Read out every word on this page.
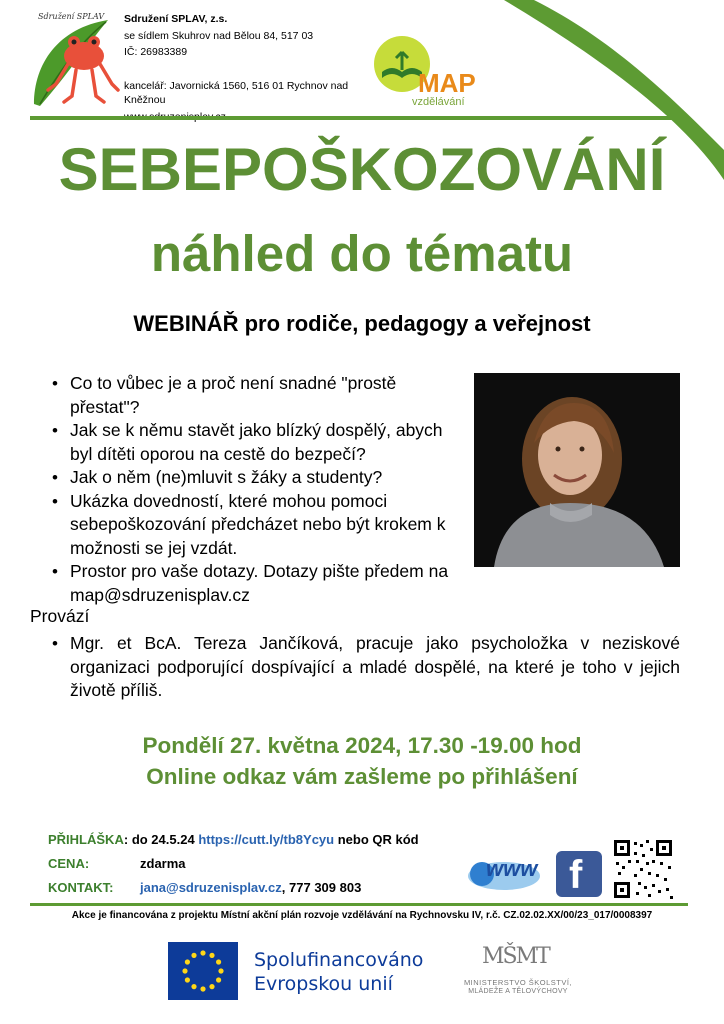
Sdružení SPLAV Sdružení SPLAV, z.s.
se sídlem Skuhrov nad Bělou 84, 517 03
IČ: 26983389
kancelář: Javornická 1560, 516 01 Rychnov nad Kněžnou
MAP
vzdělávání
SEBEPOŠKOZOVÁNÍ
náhled do tématu
WEBINÁŘ pro rodiče, pedagogy a veřejnost
• Co to vůbec je a proč není snadné "prostě přestat"?
• Jak se k němu stavět jako blízký dospělý, abych byl dítěti oporou na cestě do bezpečí?
• Jak o něm (ne)mluvit s žáky a studenty?
• Ukázka dovedností, které mohou pomoci sebepoškozování předcházet nebo být krokem k možnosti se jej vzdát.
• Prostor pro vaše dotazy. Dotazy pište předem na map@sdruzenisplav.cz
Provází
• Mgr. et BcA. Tereza Jančíková, pracuje jako psycholožka v neziskové organizaci podporující dospívající a mladé dospělé, na které je toho v jejich životě příliš.
Pondělí 27. května 2024, 17.30 -19.00 hod
Online odkaz vám zašleme po přihlášení
PŘIHLÁŠKA: do 24.5.24 https://cutt.ly/tb8Ycyu nebo QR kód
CENA:	zdarma
KONTAKT: jana@sdruzenisplav.cz, 777 309 803
www f
Akce je financována z projektu Místní akční plán rozvoje vzdělávání na Rychnovsku IV, r.č. CZ.02.02.XX/00/23_017/0008397
Spolufinancováno
Evropskou unií
MŠMT
MINISTERSTVO ŠKOLSTVÍ,
MLÁDEŽE A TĚLOVÝCHOVY
